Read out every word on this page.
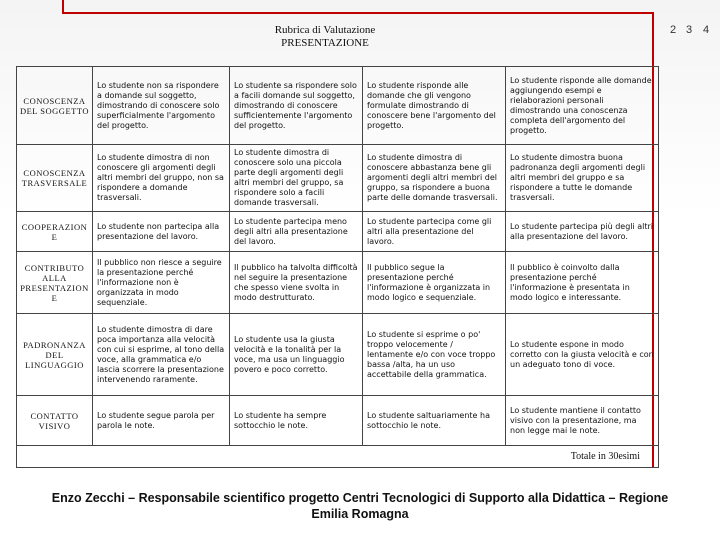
Rubrica di Valutazione PRESENTAZIONE
2 3 4
CONOSCENZA DEL SOGGETTO	Lo studente non sa rispondere a domande sul soggetto, dimostrando di conoscere solo superficialmente l'argomento del progetto.	Lo studente sa rispondere solo a facili domande sul soggetto, dimostrando di conoscere sufficientemente l'argomento del progetto.	Lo studente risponde alle domande che gli vengono formulate dimostrando di conoscere bene l'argomento del progetto.	Lo studente risponde alle domande aggiungendo esempi e rielaborazioni personali dimostrando una conoscenza completa dell'argomento del progetto.
CONOSCENZA TRASVERSALE	Lo studente dimostra di non conoscere gli argomenti degli altri membri del gruppo, non sa rispondere a domande trasversali.	Lo studente dimostra di conoscere solo una piccola parte degli argomenti degli altri membri del gruppo, sa rispondere solo a facili domande trasversali.	Lo studente dimostra di conoscere abbastanza bene gli argomenti degli altri membri del gruppo, sa rispondere a buona parte delle domande trasversali.	Lo studente dimostra buona padronanza degli argomenti degli altri membri del gruppo e sa rispondere a tutte le domande trasversali.
COOPERAZIONE	Lo studente non partecipa alla presentazione del lavoro.	Lo studente partecipa meno degli altri alla presentazione del lavoro.	Lo studente partecipa come gli altri alla presentazione del lavoro.	Lo studente partecipa più degli altri alla presentazione del lavoro.
CONTRIBUTO ALLA PRESENTAZIONE	Il pubblico non riesce a seguire la presentazione perché l'informazione non è organizzata in modo sequenziale.	Il pubblico ha talvolta difficoltà nel seguire la presentazione che spesso viene svolta in modo destrutturato.	Il pubblico segue la presentazione perché l'informazione è organizzata in modo logico e sequenziale.	Il pubblico è coinvolto dalla presentazione perché l'informazione è presentata in modo logico e interessante.
PADRONANZA DEL LINGUAGGIO	Lo studente dimostra di dare poca importanza alla velocità con cui si esprime, al tono della voce, alla grammatica e/o lascia scorrere la presentazione intervenendo raramente.	Lo studente usa la giusta velocità e la tonalità per la voce, ma usa un linguaggio povero e poco corretto.	Lo studente si esprime o po' troppo velocemente / lentamente e/o con voce troppo bassa /alta, ha un uso accettabile della grammatica.	Lo studente espone in modo corretto con la giusta velocità e con un adeguato tono di voce.
CONTATTO VISIVO	Lo studente segue parola per parola le note.	Lo studente ha sempre sottocchio le note.	Lo studente saltuariamente ha sottocchio le note.	Lo studente mantiene il contatto visivo con la presentazione, ma non legge mai le note.
Totale in 30esimi				
Enzo Zecchi – Responsabile scientifico progetto Centri Tecnologici di Supporto alla Didattica – Regione Emilia Romagna
